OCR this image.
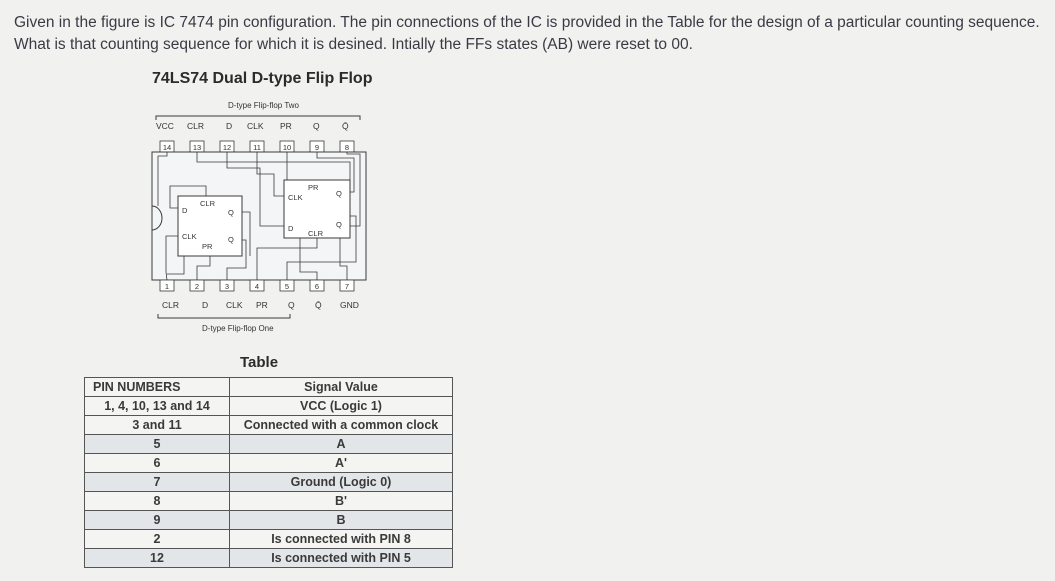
Given in the figure is IC 7474 pin configuration. The pin connections of the IC is provided in the Table for the design of a particular counting sequence. What is that counting sequence for which it is desined. Intially the FFs states (AB) were reset to 00.
74LS74 Dual D-type Flip Flop
D-type Flip-flop Two
VCC CLR	D CLK PR Q	Q̄
14	13	12	11	10	9	8
D
CLR
Q
CLK	Q
PR
PR
CLK	Q
D
CLR
Q
1	2	3	4	5	6	7
CLR	D CLK PR Q Q̄ GND
D-type Flip-flop One
Table
PIN NUMBERS	Signal Value
1, 4, 10, 13 and 14	VCC (Logic 1)
3 and 11	Connected with a common clock
5	A
6	A'
7	Ground (Logic 0)
8	B'
9	B
2	Is connected with PIN 8
12	Is connected with PIN 5
